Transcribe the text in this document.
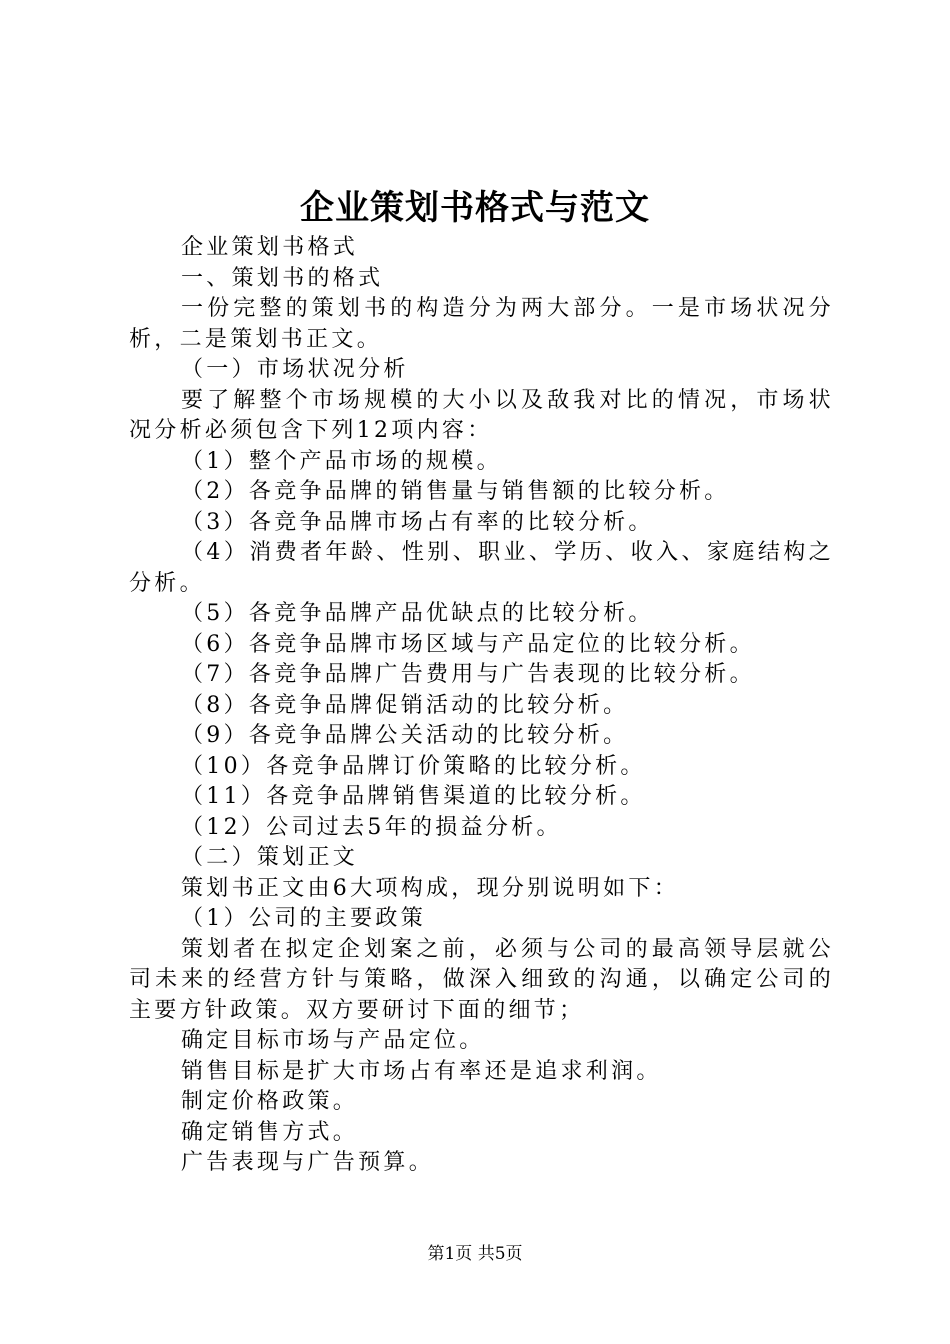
企业策划书格式与范文

企业策划书格式

一、策划书的格式

一份完整的策划书的构造分为两大部分。一是市场状况分析，二是策划书正文。

（一）市场状况分析

要了解整个市场规模的大小以及敌我对比的情况，市场状况分析必须包含下列12项内容：

（1）整个产品市场的规模。

（2）各竞争品牌的销售量与销售额的比较分析。

（3）各竞争品牌市场占有率的比较分析。

（4）消费者年龄、性别、职业、学历、收入、家庭结构之分析。

（5）各竞争品牌产品优缺点的比较分析。

（6）各竞争品牌市场区域与产品定位的比较分析。

（7）各竞争品牌广告费用与广告表现的比较分析。

（8）各竞争品牌促销活动的比较分析。

（9）各竞争品牌公关活动的比较分析。

（10）各竞争品牌订价策略的比较分析。

（11）各竞争品牌销售渠道的比较分析。

（12）公司过去5年的损益分析。

（二）策划正文

策划书正文由6大项构成，现分别说明如下：

（1）公司的主要政策

策划者在拟定企划案之前，必须与公司的最高领导层就公司未来的经营方针与策略，做深入细致的沟通，以确定公司的主要方针政策。双方要研讨下面的细节；

确定目标市场与产品定位。

销售目标是扩大市场占有率还是追求利润。

制定价格政策。

确定销售方式。

广告表现与广告预算。

第1页 共5页
